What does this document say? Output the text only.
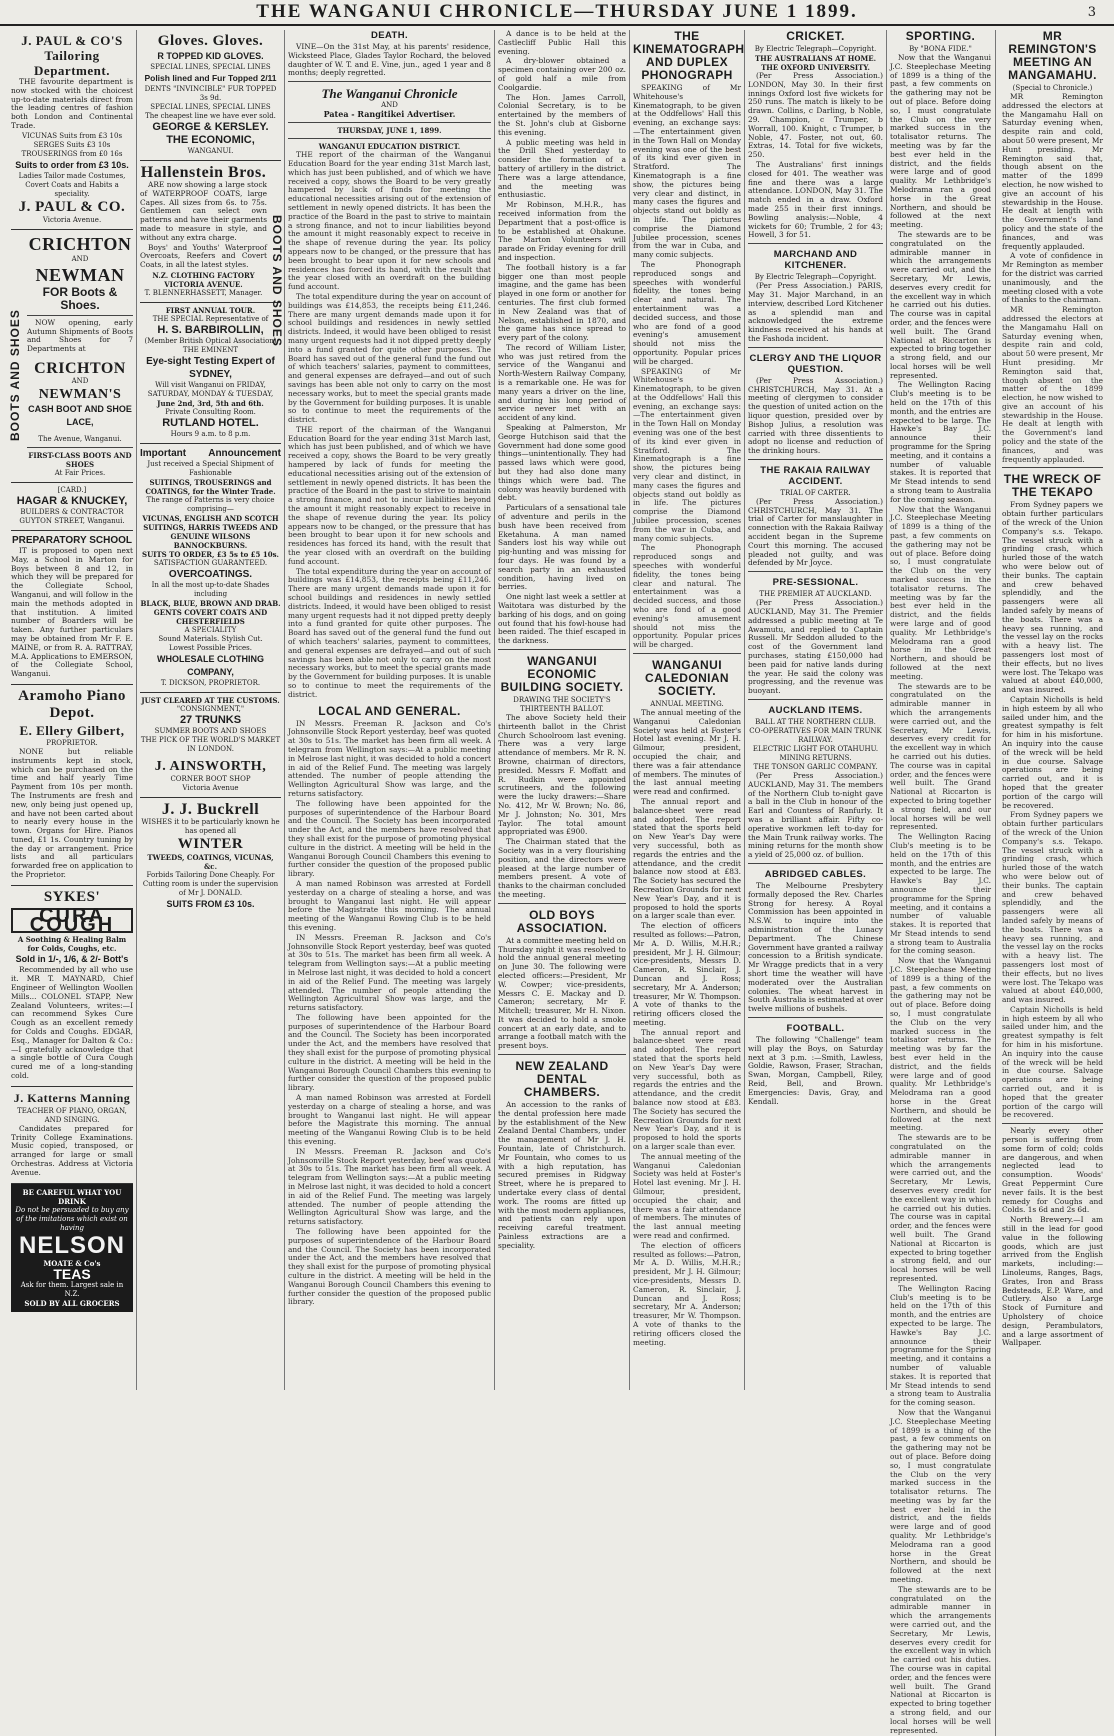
THE WANGANUI CHRONICLE—THURSDAY JUNE 1 1899.	3
J. PAUL & CO'S Tailoring Department.

THE favourite department is now stocked with the choicest up-to-date materials direct from the leading centres of fashion both London and Continental Trade.

VICUNAS Suits from £3 10s SERGES Suits £3 10s TROUSERINGS from £0 16s
Suits to order from £3 10s.
Ladies Tailor made Costumes, Covert Coats and Habits a speciality.
J. PAUL & CO.
Victoria Avenue.
BOOTS AND SHOES
CRICHTON
AND
NEWMAN
FOR Boots & Shoes.

NOW opening, early Autumn Shipments of Boots and Shoes for 7 Departments at

CRICHTON
AND
NEWMAN'S
CASH BOOT AND SHOE LACE,
The Avenue, Wanganui.
FIRST-CLASS BOOTS AND SHOES
At Fair Prices.
[CARD.]
HAGAR & KNUCKEY,
BUILDERS & CONTRACTOR
GUYTON STREET, Wanganui.
PREPARATORY SCHOOL

IT is proposed to open next May, a School in Marton for Boys between 8 and 12, in which they will be prepared for the Collegiate School, Wanganui, and will follow in the main the methods adopted in that institution. A limited number of Boarders will be taken. Any further particulars may be obtained from Mr F. E. MAINE, or from R. A. RATTRAY, M.A. Applications to EMERSON, of the Collegiate School, Wanganui.

Aramoho Piano Depot.
E. Ellery Gilbert,
PROPRIETOR.

NONE but reliable instruments kept in stock, which can be purchased on the time and half yearly Time Payment from 10s per month. The Instruments are fresh and new, only being just opened up, and have not been carted about to nearly every house in the town. Organs for Hire. Pianos tuned, £1 1s. Country tuning by the day or arrangement. Price lists and all particulars forwarded free on application to the Proprietor.

SYKES'
CURA COUGH
A Soothing & Healing Balm for Colds, Coughs, etc.
Sold in 1/-, 1/6, & 2/- Bott's

Recommended by all who use it. MR T. MAYNARD, Chief Engineer of Wellington Woollen Mills... COLONEL STAPP, New Zealand Volunteers, writes:—I can recommend Sykes Cure Cough as an excellent remedy for Colds and Coughs. EDGAR, Esq., Manager for Dalton & Co.:—I gratefully acknowledge that a single bottle of Cura Cough cured me of a long-standing cold.

J. Katterns Manning
TEACHER OF PIANO, ORGAN, AND SINGING.

Candidates prepared for Trinity College Examinations. Music copied, transposed, or arranged for large or small Orchestras. Address at Victoria Avenue.

BE CAREFUL WHAT YOU DRINK
Do not be persuaded to buy any of the imitations which exist on having
NELSON
MOATE & Co's
TEAS
Ask for them. Largest sale in N.Z.
SOLD BY ALL GROCERS
Gloves. Gloves.
R TOPPED KID GLOVES.
SPECIAL LINES, SPECIAL LINES
Polish lined and Fur Topped 2/11
DENTS "INVINCIBLE" FUR TOPPED 3s 9d.
SPECIAL LINES, SPECIAL LINES
The cheapest line we have ever sold.
GEORGE & KERSLEY.
THE ECONOMIC,
WANGANUI.
BOOTS AND SHOES
Hallenstein Bros.

ARE now showing a large stock of WATERPROOF COATS, large Capes. All sizes from 6s. to 75s. Gentlemen can select own patterns and have their garments made to measure in style, and without any extra charge.

Boys' and Youths' Waterproof Overcoats, Reefers and Covert Coats, in all the latest styles.

N.Z. CLOTHING FACTORY VICTORIA AVENUE.
T. BLENNERHASSETT, Manager.
FIRST ANNUAL TOUR.
THE SPECIAL Representative of
H. S. BARBIROLLIN,
(Member British Optical Association) THE EMINENT
Eye-sight Testing Expert of SYDNEY,
Will visit Wanganui on FRIDAY, SATURDAY, MONDAY & TUESDAY,
June 2nd, 3rd, 5th and 6th.
Private Consulting Room.
RUTLAND HOTEL.
Hours 9 a.m. to 8 p.m.
Important Announcement
Just received a Special Shipment of Fashionable
SUITINGS, TROUSERINGS and COATINGS, for the Winter Trade.
The range of Patterns is very choice comprising—
VICUNAS, ENGLISH AND SCOTCH SUITINGS, HARRIS TWEEDS AND GENUINE WILSONS BANNOCKBURNS.
SUITS TO ORDER, £3 5s to £5 10s.
SATISFACTION GUARANTEED.
OVERCOATINGS.
In all the most up-to-date Shades including
BLACK, BLUE, BROWN AND DRAB.
GENTS COVERT COATS AND CHESTERFIELDS
A SPECIALITY
Sound Materials. Stylish Cut.
Lowest Possible Prices.
WHOLESALE CLOTHING COMPANY,
T. DICKSON, PROPRIETOR.
JUST CLEARED AT THE CUSTOMS.
"CONSIGNMENT,"
27 TRUNKS
SUMMER BOOTS AND SHOES
THE PICK OF THE WORLD'S MARKET IN LONDON.
J. AINSWORTH,
CORNER BOOT SHOP
Victoria Avenue
J. J. Buckrell
WISHES it to be particularly known he has opened all
WINTER
TWEEDS, COATINGS, VICUNAS, &c.
Forbids Tailoring Done Cheaply. For Cutting room is under the supervision of Mr J. DONALD.
SUITS FROM £3 10s.
DEATH.

VINE—On the 31st May, at his parents' residence, Wicksteed Place, Glades Taylor Rochard, the beloved daughter of W. T. and E. Vine, jun., aged 1 year and 8 months; deeply regretted.

The Wanganui Chronicle
AND
Patea - Rangitikei Advertiser.
THURSDAY, JUNE 1, 1899.
WANGANUI EDUCATION DISTRICT.

THE report of the chairman of the Wanganui Education Board for the year ending 31st March last, which has just been published, and of which we have received a copy, shows the Board to be very greatly hampered by lack of funds for meeting the educational necessities arising out of the extension of settlement in newly opened districts. It has been the practice of the Board in the past to strive to maintain a strong finance, and not to incur liabilities beyond the amount it might reasonably expect to receive in the shape of revenue during the year. Its policy appears now to be changed, or the pressure that has been brought to bear upon it for new schools and residences has forced its hand, with the result that the year closed with an overdraft on the building fund account.

The total expenditure during the year on account of buildings was £14,853, the receipts being £11,246. There are many urgent demands made upon it for school buildings and residences in newly settled districts. Indeed, it would have been obliged to resist many urgent requests had it not dipped pretty deeply into a fund granted for quite other purposes. The Board has saved out of the general fund the fund out of which teachers' salaries, payment to committees, and general expenses are defrayed—and out of such savings has been able not only to carry on the most necessary works, but to meet the special grants made by the Government for building purposes. It is unable so to continue to meet the requirements of the district.

THE report of the chairman of the Wanganui Education Board for the year ending 31st March last, which has just been published, and of which we have received a copy, shows the Board to be very greatly hampered by lack of funds for meeting the educational necessities arising out of the extension of settlement in newly opened districts. It has been the practice of the Board in the past to strive to maintain a strong finance, and not to incur liabilities beyond the amount it might reasonably expect to receive in the shape of revenue during the year. Its policy appears now to be changed, or the pressure that has been brought to bear upon it for new schools and residences has forced its hand, with the result that the year closed with an overdraft on the building fund account.

The total expenditure during the year on account of buildings was £14,853, the receipts being £11,246. There are many urgent demands made upon it for school buildings and residences in newly settled districts. Indeed, it would have been obliged to resist many urgent requests had it not dipped pretty deeply into a fund granted for quite other purposes. The Board has saved out of the general fund the fund out of which teachers' salaries, payment to committees, and general expenses are defrayed—and out of such savings has been able not only to carry on the most necessary works, but to meet the special grants made by the Government for building purposes. It is unable so to continue to meet the requirements of the district.

LOCAL AND GENERAL.

IN Messrs. Freeman R. Jackson and Co's Johnsonville Stock Report yesterday, beef was quoted at 30s to 51s. The market has been firm all week. A telegram from Wellington says:—At a public meeting in Melrose last night, it was decided to hold a concert in aid of the Relief Fund. The meeting was largely attended. The number of people attending the Wellington Agricultural Show was large, and the returns satisfactory.

The following have been appointed for the purposes of superintendence of the Harbour Board and the Council. The Society has been incorporated under the Act, and the members have resolved that they shall exist for the purpose of promoting physical culture in the district. A meeting will be held in the Wanganui Borough Council Chambers this evening to further consider the question of the proposed public library.

A man named Robinson was arrested at Fordell yesterday on a charge of stealing a horse, and was brought to Wanganui last night. He will appear before the Magistrate this morning. The annual meeting of the Wanganui Rowing Club is to be held this evening.

IN Messrs. Freeman R. Jackson and Co's Johnsonville Stock Report yesterday, beef was quoted at 30s to 51s. The market has been firm all week. A telegram from Wellington says:—At a public meeting in Melrose last night, it was decided to hold a concert in aid of the Relief Fund. The meeting was largely attended. The number of people attending the Wellington Agricultural Show was large, and the returns satisfactory.

The following have been appointed for the purposes of superintendence of the Harbour Board and the Council. The Society has been incorporated under the Act, and the members have resolved that they shall exist for the purpose of promoting physical culture in the district. A meeting will be held in the Wanganui Borough Council Chambers this evening to further consider the question of the proposed public library.

A man named Robinson was arrested at Fordell yesterday on a charge of stealing a horse, and was brought to Wanganui last night. He will appear before the Magistrate this morning. The annual meeting of the Wanganui Rowing Club is to be held this evening.

IN Messrs. Freeman R. Jackson and Co's Johnsonville Stock Report yesterday, beef was quoted at 30s to 51s. The market has been firm all week. A telegram from Wellington says:—At a public meeting in Melrose last night, it was decided to hold a concert in aid of the Relief Fund. The meeting was largely attended. The number of people attending the Wellington Agricultural Show was large, and the returns satisfactory.

The following have been appointed for the purposes of superintendence of the Harbour Board and the Council. The Society has been incorporated under the Act, and the members have resolved that they shall exist for the purpose of promoting physical culture in the district. A meeting will be held in the Wanganui Borough Council Chambers this evening to further consider the question of the proposed public library.

A dance is to be held at the Castlecliff Public Hall this evening.

A dry-blower obtained a specimen containing over 200 oz. of gold half a mile from Coolgardie.

The Hon. James Carroll, Colonial Secretary, is to be entertained by the members of the St. John's club at Gisborne this evening.

A public meeting was held in the Drill Shed yesterday to consider the formation of a battery of artillery in the district. There was a large attendance, and the meeting was enthusiastic.

Mr Robinson, M.H.R., has received information from the Department that a post-office is to be established at Ohakune. The Marton Volunteers will parade on Friday evening for drill and inspection.

The football history is a far bigger one than most people imagine, and the game has been played in one form or another for centuries. The first club formed in New Zealand was that of Nelson, established in 1870, and the game has since spread to every part of the colony.

The record of William Lister, who was just retired from the service of the Wanganui and North-Western Railway Company, is a remarkable one. He was for many years a driver on the line, and during his long period of service never met with an accident of any kind.

Speaking at Palmerston, Mr George Hutchison said that the Government had done some good things—unintentionally. They had passed laws which were good, but they had also done many things which were bad. The colony was heavily burdened with debt.

Particulars of a sensational tale of adventure and perils in the bush have been received from Eketahuna. A man named Sanders lost his way while out pig-hunting and was missing for four days. He was found by a search party in an exhausted condition, having lived on berries.

One night last week a settler at Waitotara was disturbed by the barking of his dogs, and on going out found that his fowl-house had been raided. The thief escaped in the darkness.

WANGANUI ECONOMIC BUILDING SOCIETY.
DRAWING THE SOCIETY'S THIRTEENTH BALLOT.

The above Society held their thirteenth ballot in the Christ Church Schoolroom last evening. There was a very large attendance of members. Mr R. N. Browne, chairman of directors, presided. Messrs F. Moffatt and R. Rudkin were appointed scrutineers, and the following were the lucky drawers:—Share No. 412, Mr W. Brown; No. 86, Mr J. Johnston; No. 301, Mrs Taylor. The total amount appropriated was £900.

The Chairman stated that the Society was in a very flourishing position, and the directors were pleased at the large number of members present. A vote of thanks to the chairman concluded the meeting.

OLD BOYS ASSOCIATION.

At a committee meeting held on Thursday night it was resolved to hold the annual general meeting on June 30. The following were elected officers:—President, Mr W. Cowper; vice-presidents, Messrs C. E. Mackay and D. Cameron; secretary, Mr F. Mitchell; treasurer, Mr H. Nixon. It was decided to hold a smoke concert at an early date, and to arrange a football match with the present boys.

NEW ZEALAND DENTAL CHAMBERS.

An accession to the ranks of the dental profession here made by the establishment of the New Zealand Dental Chambers, under the management of Mr J. H. Fountain, late of Christchurch. Mr Fountain, who comes to us with a high reputation, has secured premises in Ridgway Street, where he is prepared to undertake every class of dental work. The rooms are fitted up with the most modern appliances, and patients can rely upon receiving careful treatment. Painless extractions are a speciality.

THE KINEMATOGRAPH AND DUPLEX PHONOGRAPH

SPEAKING of Mr Whitehouse's Kinematograph, to be given at the Oddfellows' Hall this evening, an exchange says:—The entertainment given in the Town Hall on Monday evening was one of the best of its kind ever given in Stratford. The Kinematograph is a fine show, the pictures being very clear and distinct, in many cases the figures and objects stand out boldly as in life. The pictures comprise the Diamond Jubilee procession, scenes from the war in Cuba, and many comic subjects.

The Phonograph reproduced songs and speeches with wonderful fidelity, the tones being clear and natural. The entertainment was a decided success, and those who are fond of a good evening's amusement should not miss the opportunity. Popular prices will be charged.

SPEAKING of Mr Whitehouse's Kinematograph, to be given at the Oddfellows' Hall this evening, an exchange says:—The entertainment given in the Town Hall on Monday evening was one of the best of its kind ever given in Stratford. The Kinematograph is a fine show, the pictures being very clear and distinct, in many cases the figures and objects stand out boldly as in life. The pictures comprise the Diamond Jubilee procession, scenes from the war in Cuba, and many comic subjects.

The Phonograph reproduced songs and speeches with wonderful fidelity, the tones being clear and natural. The entertainment was a decided success, and those who are fond of a good evening's amusement should not miss the opportunity. Popular prices will be charged.

WANGANUI CALEDONIAN SOCIETY.
ANNUAL MEETING.

The annual meeting of the Wanganui Caledonian Society was held at Foster's Hotel last evening. Mr J. H. Gilmour, president, occupied the chair, and there was a fair attendance of members. The minutes of the last annual meeting were read and confirmed.

The annual report and balance-sheet were read and adopted. The report stated that the sports held on New Year's Day were very successful, both as regards the entries and the attendance, and the credit balance now stood at £83. The Society has secured the Recreation Grounds for next New Year's Day, and it is proposed to hold the sports on a larger scale than ever.

The election of officers resulted as follows:—Patron, Mr A. D. Willis, M.H.R.; president, Mr J. H. Gilmour; vice-presidents, Messrs D. Cameron, R. Sinclair, J. Duncan and J. Ross; secretary, Mr A. Anderson; treasurer, Mr W. Thompson. A vote of thanks to the retiring officers closed the meeting.

The annual report and balance-sheet were read and adopted. The report stated that the sports held on New Year's Day were very successful, both as regards the entries and the attendance, and the credit balance now stood at £83. The Society has secured the Recreation Grounds for next New Year's Day, and it is proposed to hold the sports on a larger scale than ever.

The annual meeting of the Wanganui Caledonian Society was held at Foster's Hotel last evening. Mr J. H. Gilmour, president, occupied the chair, and there was a fair attendance of members. The minutes of the last annual meeting were read and confirmed.

The election of officers resulted as follows:—Patron, Mr A. D. Willis, M.H.R.; president, Mr J. H. Gilmour; vice-presidents, Messrs D. Cameron, R. Sinclair, J. Duncan and J. Ross; secretary, Mr A. Anderson; treasurer, Mr W. Thompson. A vote of thanks to the retiring officers closed the meeting.

CRICKET.
By Electric Telegraph—Copyright.
THE AUSTRALIANS AT HOME.
THE OXFORD UNIVERSITY.

(Per Press Association.) LONDON, May 30. In their first innings Oxford lost five wickets for 250 runs. The match is likely to be drawn. Collins, c Darling, b Noble, 29. Champion, c Trumper, b Worrall, 100. Knight, c Trumper, b Noble, 47. Foster, not out, 60. Extras, 14. Total for five wickets, 250.

The Australians' first innings closed for 401. The weather was fine and there was a large attendance. LONDON, May 31. The match ended in a draw. Oxford made 255 in their first innings. Bowling analysis:—Noble, 4 wickets for 60; Trumble, 2 for 43; Howell, 3 for 51.

MARCHAND AND KITCHENER.
By Electric Telegraph—Copyright.

(Per Press Association.) PARIS, May 31. Major Marchand, in an interview, described Lord Kitchener as a splendid man and acknowledged the extreme kindness received at his hands at the Fashoda incident.

CLERGY AND THE LIQUOR QUESTION.

(Per Press Association.) CHRISTCHURCH, May 31. At a meeting of clergymen to consider the question of united action on the liquor question, presided over by Bishop Julius, a resolution was carried with three dissentients to adopt no license and reduction of the drinking hours.

THE RAKAIA RAILWAY ACCIDENT.
TRIAL OF CARTER.

(Per Press Association.) CHRISTCHURCH, May 31. The trial of Carter for manslaughter in connection with the Rakaia Railway accident began in the Supreme Court this morning. The accused pleaded not guilty, and was defended by Mr Joyce.

PRE-SESSIONAL.
THE PREMIER AT AUCKLAND.

(Per Press Association.) AUCKLAND, May 31. The Premier addressed a public meeting at Te Awamutu, and replied to Captain Russell. Mr Seddon alluded to the cost of the Government land purchases, stating £150,000 had been paid for native lands during the year. He said the colony was progressing, and the revenue was buoyant.

AUCKLAND ITEMS.
BALL AT THE NORTHERN CLUB.
CO-OPERATIVES FOR MAIN TRUNK RAILWAY.
ELECTRIC LIGHT FOR OTAHUHU.
MINING RETURNS.
THE TONSON GARLIC COMPANY.

(Per Press Association.) AUCKLAND, May 31. The members of the Northern Club to-night gave a ball in the Club in honour of the Earl and Countess of Ranfurly. It was a brilliant affair. Fifty co-operative workmen left to-day for the Main Trunk railway works. The mining returns for the month show a yield of 25,000 oz. of bullion.

ABRIDGED CABLES.

The Melbourne Presbytery formally deposed the Rev. Charles Strong for heresy. A Royal Commission has been appointed in N.S.W. to inquire into the administration of the Lunacy Department. The Chinese Government have granted a railway concession to a British syndicate. Mr Wragge predicts that in a very short time the weather will have moderated over the Australian colonies. The wheat harvest in South Australia is estimated at over twelve millions of bushels.

FOOTBALL.

The following "Challenge" team will play the Boys, on Saturday next at 3 p.m. :—Smith, Lawless, Goldie, Rawson, Fraser, Strachan, Swan, Morgan, Campbell, Riley, Reid, Bell, and Brown. Emergencies: Davis, Gray, and Kendall.

SPORTING.
By "BONA FIDE."

Now that the Wanganui J.C. Steeplechase Meeting of 1899 is a thing of the past, a few comments on the gathering may not be out of place. Before doing so, I must congratulate the Club on the very marked success in the totalisator returns. The meeting was by far the best ever held in the district, and the fields were large and of good quality. Mr Lethbridge's Melodrama ran a good horse in the Great Northern, and should be followed at the next meeting.

The stewards are to be congratulated on the admirable manner in which the arrangements were carried out, and the Secretary, Mr Lewis, deserves every credit for the excellent way in which he carried out his duties. The course was in capital order, and the fences were well built. The Grand National at Riccarton is expected to bring together a strong field, and our local horses will be well represented.

The Wellington Racing Club's meeting is to be held on the 17th of this month, and the entries are expected to be large. The Hawke's Bay J.C. announce their programme for the Spring meeting, and it contains a number of valuable stakes. It is reported that Mr Stead intends to send a strong team to Australia for the coming season.

Now that the Wanganui J.C. Steeplechase Meeting of 1899 is a thing of the past, a few comments on the gathering may not be out of place. Before doing so, I must congratulate the Club on the very marked success in the totalisator returns. The meeting was by far the best ever held in the district, and the fields were large and of good quality. Mr Lethbridge's Melodrama ran a good horse in the Great Northern, and should be followed at the next meeting.

The stewards are to be congratulated on the admirable manner in which the arrangements were carried out, and the Secretary, Mr Lewis, deserves every credit for the excellent way in which he carried out his duties. The course was in capital order, and the fences were well built. The Grand National at Riccarton is expected to bring together a strong field, and our local horses will be well represented.

The Wellington Racing Club's meeting is to be held on the 17th of this month, and the entries are expected to be large. The Hawke's Bay J.C. announce their programme for the Spring meeting, and it contains a number of valuable stakes. It is reported that Mr Stead intends to send a strong team to Australia for the coming season.

Now that the Wanganui J.C. Steeplechase Meeting of 1899 is a thing of the past, a few comments on the gathering may not be out of place. Before doing so, I must congratulate the Club on the very marked success in the totalisator returns. The meeting was by far the best ever held in the district, and the fields were large and of good quality. Mr Lethbridge's Melodrama ran a good horse in the Great Northern, and should be followed at the next meeting.

The stewards are to be congratulated on the admirable manner in which the arrangements were carried out, and the Secretary, Mr Lewis, deserves every credit for the excellent way in which he carried out his duties. The course was in capital order, and the fences were well built. The Grand National at Riccarton is expected to bring together a strong field, and our local horses will be well represented.

The Wellington Racing Club's meeting is to be held on the 17th of this month, and the entries are expected to be large. The Hawke's Bay J.C. announce their programme for the Spring meeting, and it contains a number of valuable stakes. It is reported that Mr Stead intends to send a strong team to Australia for the coming season.

Now that the Wanganui J.C. Steeplechase Meeting of 1899 is a thing of the past, a few comments on the gathering may not be out of place. Before doing so, I must congratulate the Club on the very marked success in the totalisator returns. The meeting was by far the best ever held in the district, and the fields were large and of good quality. Mr Lethbridge's Melodrama ran a good horse in the Great Northern, and should be followed at the next meeting.

The stewards are to be congratulated on the admirable manner in which the arrangements were carried out, and the Secretary, Mr Lewis, deserves every credit for the excellent way in which he carried out his duties. The course was in capital order, and the fences were well built. The Grand National at Riccarton is expected to bring together a strong field, and our local horses will be well represented.

MR REMINGTON'S MEETING AN MANGAMAHU.
(Special to Chronicle.)

MR Remington addressed the electors at the Mangamahu Hall on Saturday evening when, despite rain and cold, about 50 were present, Mr Hunt presiding. Mr Remington said that, though absent on the matter of the 1899 election, he now wished to give an account of his stewardship in the House. He dealt at length with the Government's land policy and the state of the finances, and was frequently applauded.

A vote of confidence in Mr Remington as member for the district was carried unanimously, and the meeting closed with a vote of thanks to the chairman.

MR Remington addressed the electors at the Mangamahu Hall on Saturday evening when, despite rain and cold, about 50 were present, Mr Hunt presiding. Mr Remington said that, though absent on the matter of the 1899 election, he now wished to give an account of his stewardship in the House. He dealt at length with the Government's land policy and the state of the finances, and was frequently applauded.

THE WRECK OF THE TEKAPO

From Sydney papers we obtain further particulars of the wreck of the Union Company's s.s. Tekapo. The vessel struck with a grinding crash, which hurled those of the watch who were below out of their bunks. The captain and crew behaved splendidly, and the passengers were all landed safely by means of the boats. There was a heavy sea running, and the vessel lay on the rocks with a heavy list. The passengers lost most of their effects, but no lives were lost. The Tekapo was valued at about £40,000, and was insured.

Captain Nicholls is held in high esteem by all who sailed under him, and the greatest sympathy is felt for him in his misfortune. An inquiry into the cause of the wreck will be held in due course. Salvage operations are being carried out, and it is hoped that the greater portion of the cargo will be recovered.

From Sydney papers we obtain further particulars of the wreck of the Union Company's s.s. Tekapo. The vessel struck with a grinding crash, which hurled those of the watch who were below out of their bunks. The captain and crew behaved splendidly, and the passengers were all landed safely by means of the boats. There was a heavy sea running, and the vessel lay on the rocks with a heavy list. The passengers lost most of their effects, but no lives were lost. The Tekapo was valued at about £40,000, and was insured.

Captain Nicholls is held in high esteem by all who sailed under him, and the greatest sympathy is felt for him in his misfortune. An inquiry into the cause of the wreck will be held in due course. Salvage operations are being carried out, and it is hoped that the greater portion of the cargo will be recovered.

Nearly every other person is suffering from some form of cold; colds are dangerous, and when neglected lead to consumption. Woods' Great Peppermint Cure never fails. It is the best remedy for Coughs and Colds. 1s 6d and 2s 6d.

North Brewery.—I am still in the lead for good value in the following goods, which are just arrived from the English markets, including:—Linoleums, Ranges, Bags, Grates, Iron and Brass Bedsteads, E.P. Ware, and Cutlery. Also a Large Stock of Furniture and Upholstery of choice design, Perambulators, and a large assortment of Wallpaper.
